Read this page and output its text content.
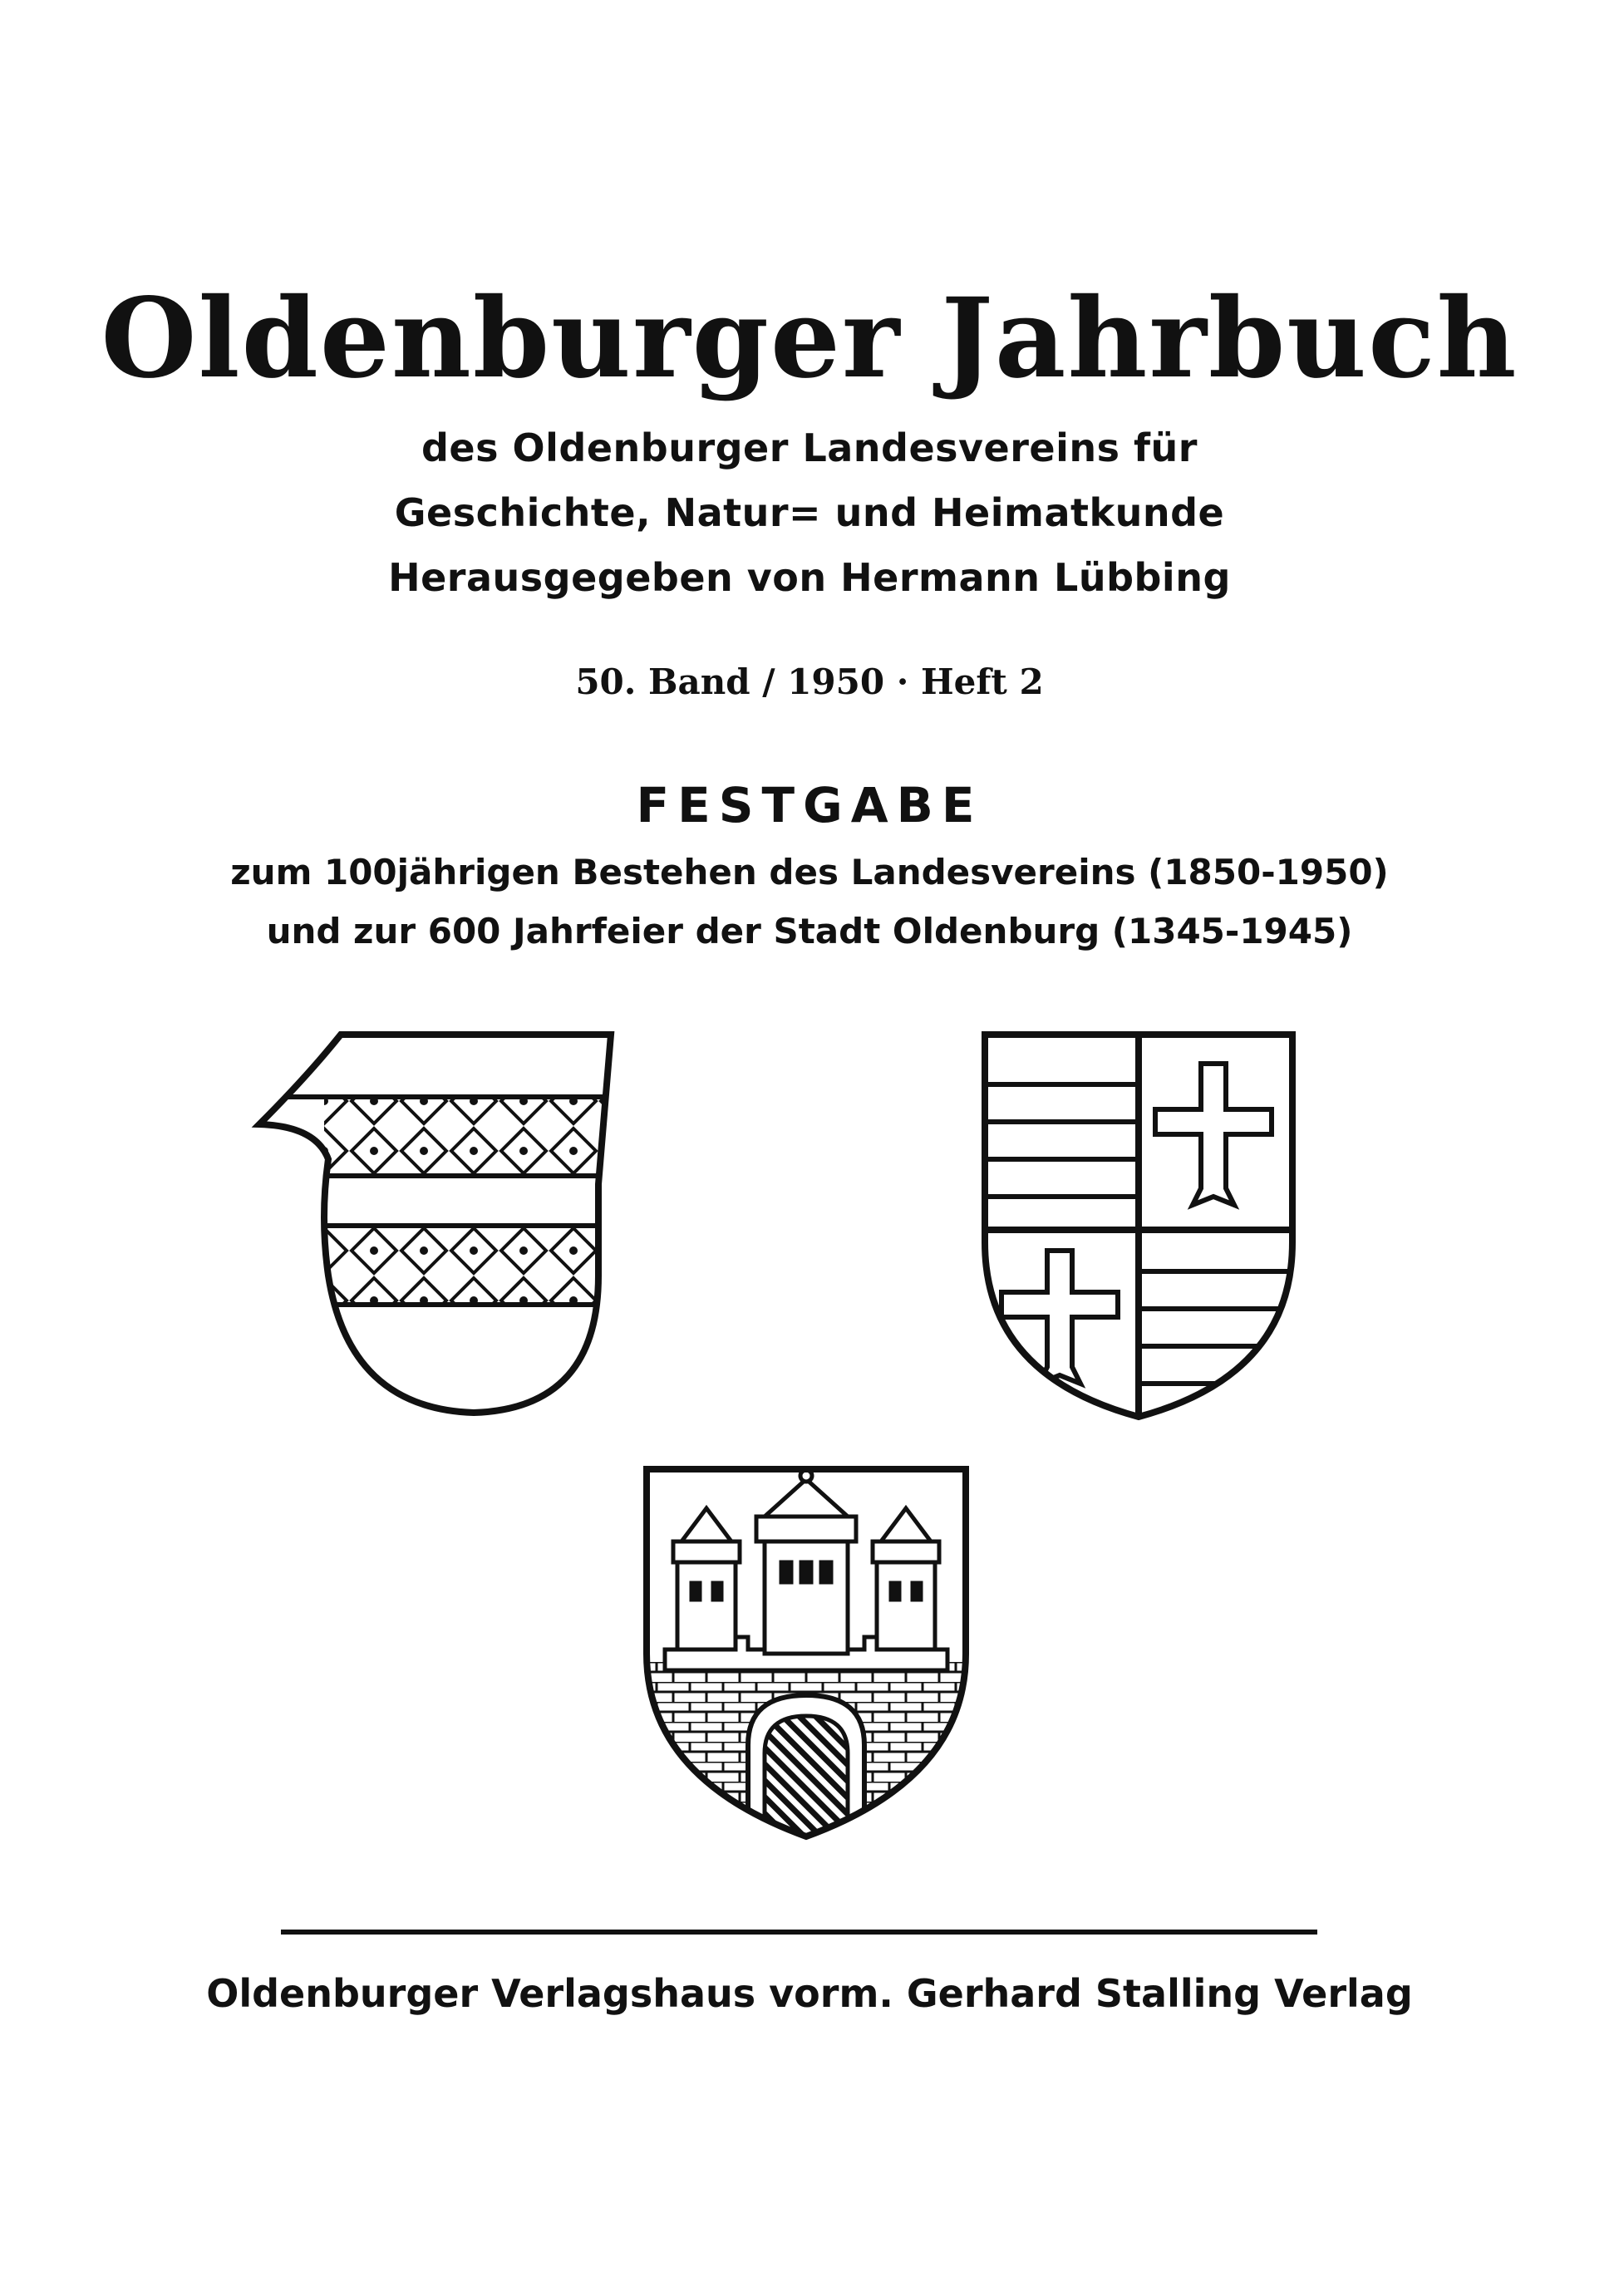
Oldenburger Jahrbuch
des Oldenburger Landesvereins für
Geschichte, Natur= und Heimatkunde
Herausgegeben von Hermann Lübbing
50. Band / 1950 · Heft 2
FESTGABE
zum 100jährigen Bestehen des Landesvereins (1850-1950)
und zur 600 Jahrfeier der Stadt Oldenburg (1345-1945)
Oldenburger Verlagshaus vorm. Gerhard Stalling Verlag
